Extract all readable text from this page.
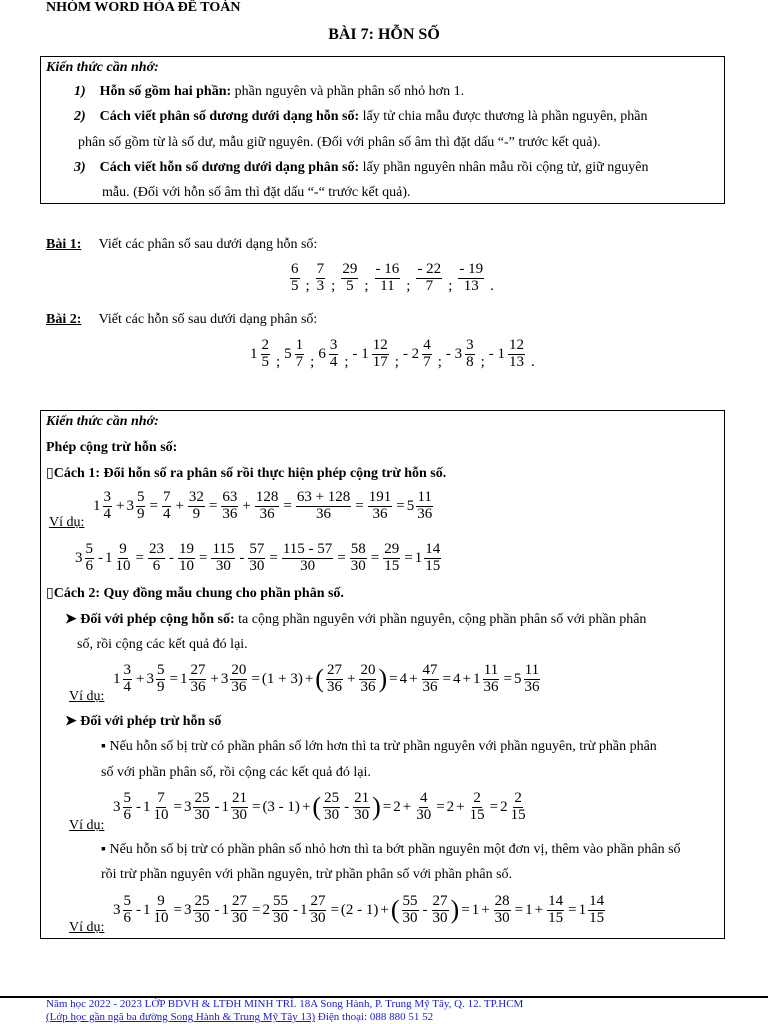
NHÓM WORD HÓA ĐỀ TOÁN
BÀI 7: HỖN SỐ
Kiến thức cần nhớ:
1) Hỗn số gồm hai phần: phần nguyên và phần phân số nhỏ hơn 1.
2) Cách viết phân số dương dưới dạng hỗn số: lấy tử chia mẫu được thương là phần nguyên, phần
phân số gồm từ là số dư, mẫu giữ nguyên. (Đối với phân số âm thì đặt dấu “-” trước kết quả).
3) Cách viết hỗn số dương dưới dạng phân số: lấy phần nguyên nhân mẫu rồi cộng tử, giữ nguyên
mẫu. (Đối với hỗn số âm thì đặt dấu “-“ trước kết quả).
Bài 1: Viết các phân số sau dưới dạng hỗn số:
$\frac{6}{5}$ ; $\frac{7}{3}$ ; $\frac{29}{5}$ ; $\frac{- 16}{11}$ ; $\frac{- 22}{7}$ ; $\frac{- 19}{13}$ .
Bài 2: Viết các hỗn số sau dưới dạng phân số:
$1 \frac{2}{5}$ ; $5 \frac{1}{7}$ ; $6 \frac{3}{4}$ ; - $1 \frac{12}{17}$ ; - $2 \frac{4}{7}$ ; - $3 \frac{3}{8}$ ; - $1 \frac{12}{13}$ .
Kiến thức cần nhớ:
Phép cộng trừ hỗn số:
▯Cách 1: Đổi hỗn số ra phân số rồi thực hiện phép cộng trừ hỗn số.
Ví dụ:
$1 \frac{3}{4} + 3 \frac{5}{9} = \frac{7}{4} + \frac{32}{9} = \frac{63}{36} + \frac{128}{36} = \frac{63 + 128}{36} = \frac{191}{36} = 5 \frac{11}{36}$
$3 \frac{5}{6} - 1 \frac{9}{10} = \frac{23}{6} - \frac{19}{10} = \frac{115}{30} - \frac{57}{30} = \frac{115 - 57}{30} = \frac{58}{30} = \frac{29}{15} = 1 \frac{14}{15}$
▯Cách 2: Quy đồng mẫu chung cho phần phân số.
➤ Đối với phép cộng hỗn số: ta cộng phần nguyên với phần nguyên, cộng phần phân số với phần phân
số, rồi cộng các kết quả đó lại.
Ví dụ:
$1 \frac{3}{4} + 3 \frac{5}{9} = 1 \frac{27}{36} + 3 \frac{20}{36} = (1 + 3)$ + ( $\frac{27}{36} + \frac{20}{36}$ ) = $4 + \frac{47}{36} = 4 + 1 \frac{11}{36} = 5 \frac{11}{36}$
➤ Đối với phép trừ hỗn số
▪ Nếu hỗn số bị trừ có phần phân số lớn hơn thì ta trừ phần nguyên với phần nguyên, trừ phần phân
số với phần phân số, rồi cộng các kết quả đó lại.
Ví dụ:
$3 \frac{5}{6} - 1 \frac{7}{10} = 3 \frac{25}{30} - 1 \frac{21}{30} = (3 - 1)$ + ( $\frac{25}{30} - \frac{21}{30}$ ) = $2 + \frac{4}{30} = 2 + \frac{2}{15} = 2 \frac{2}{15}$
▪ Nếu hỗn số bị trừ có phần phân số nhỏ hơn thì ta bớt phần nguyên một đơn vị, thêm vào phần phân số
rồi trừ phần nguyên với phần nguyên, trừ phần phân số với phần phân số.
Ví dụ:
$3 \frac{5}{6} - 1 \frac{9}{10} = 3 \frac{25}{30} - 1 \frac{27}{30} = 2 \frac{55}{30} - 1 \frac{27}{30} = (2 - 1)$ + ( $\frac{55}{30} - \frac{27}{30}$ ) = $1 + \frac{28}{30} = 1 + \frac{14}{15} = 1 \frac{14}{15}$
Năm học 2022 - 2023 LỚP BDVH & LTĐH MINH TRÍ. 18A Song Hành, P. Trung Mỹ Tây, Q. 12. TP.HCM
(Lớp học gần ngã ba đường Song Hành & Trung Mỹ Tây 13) Điện thoại: 088 880 51 52
